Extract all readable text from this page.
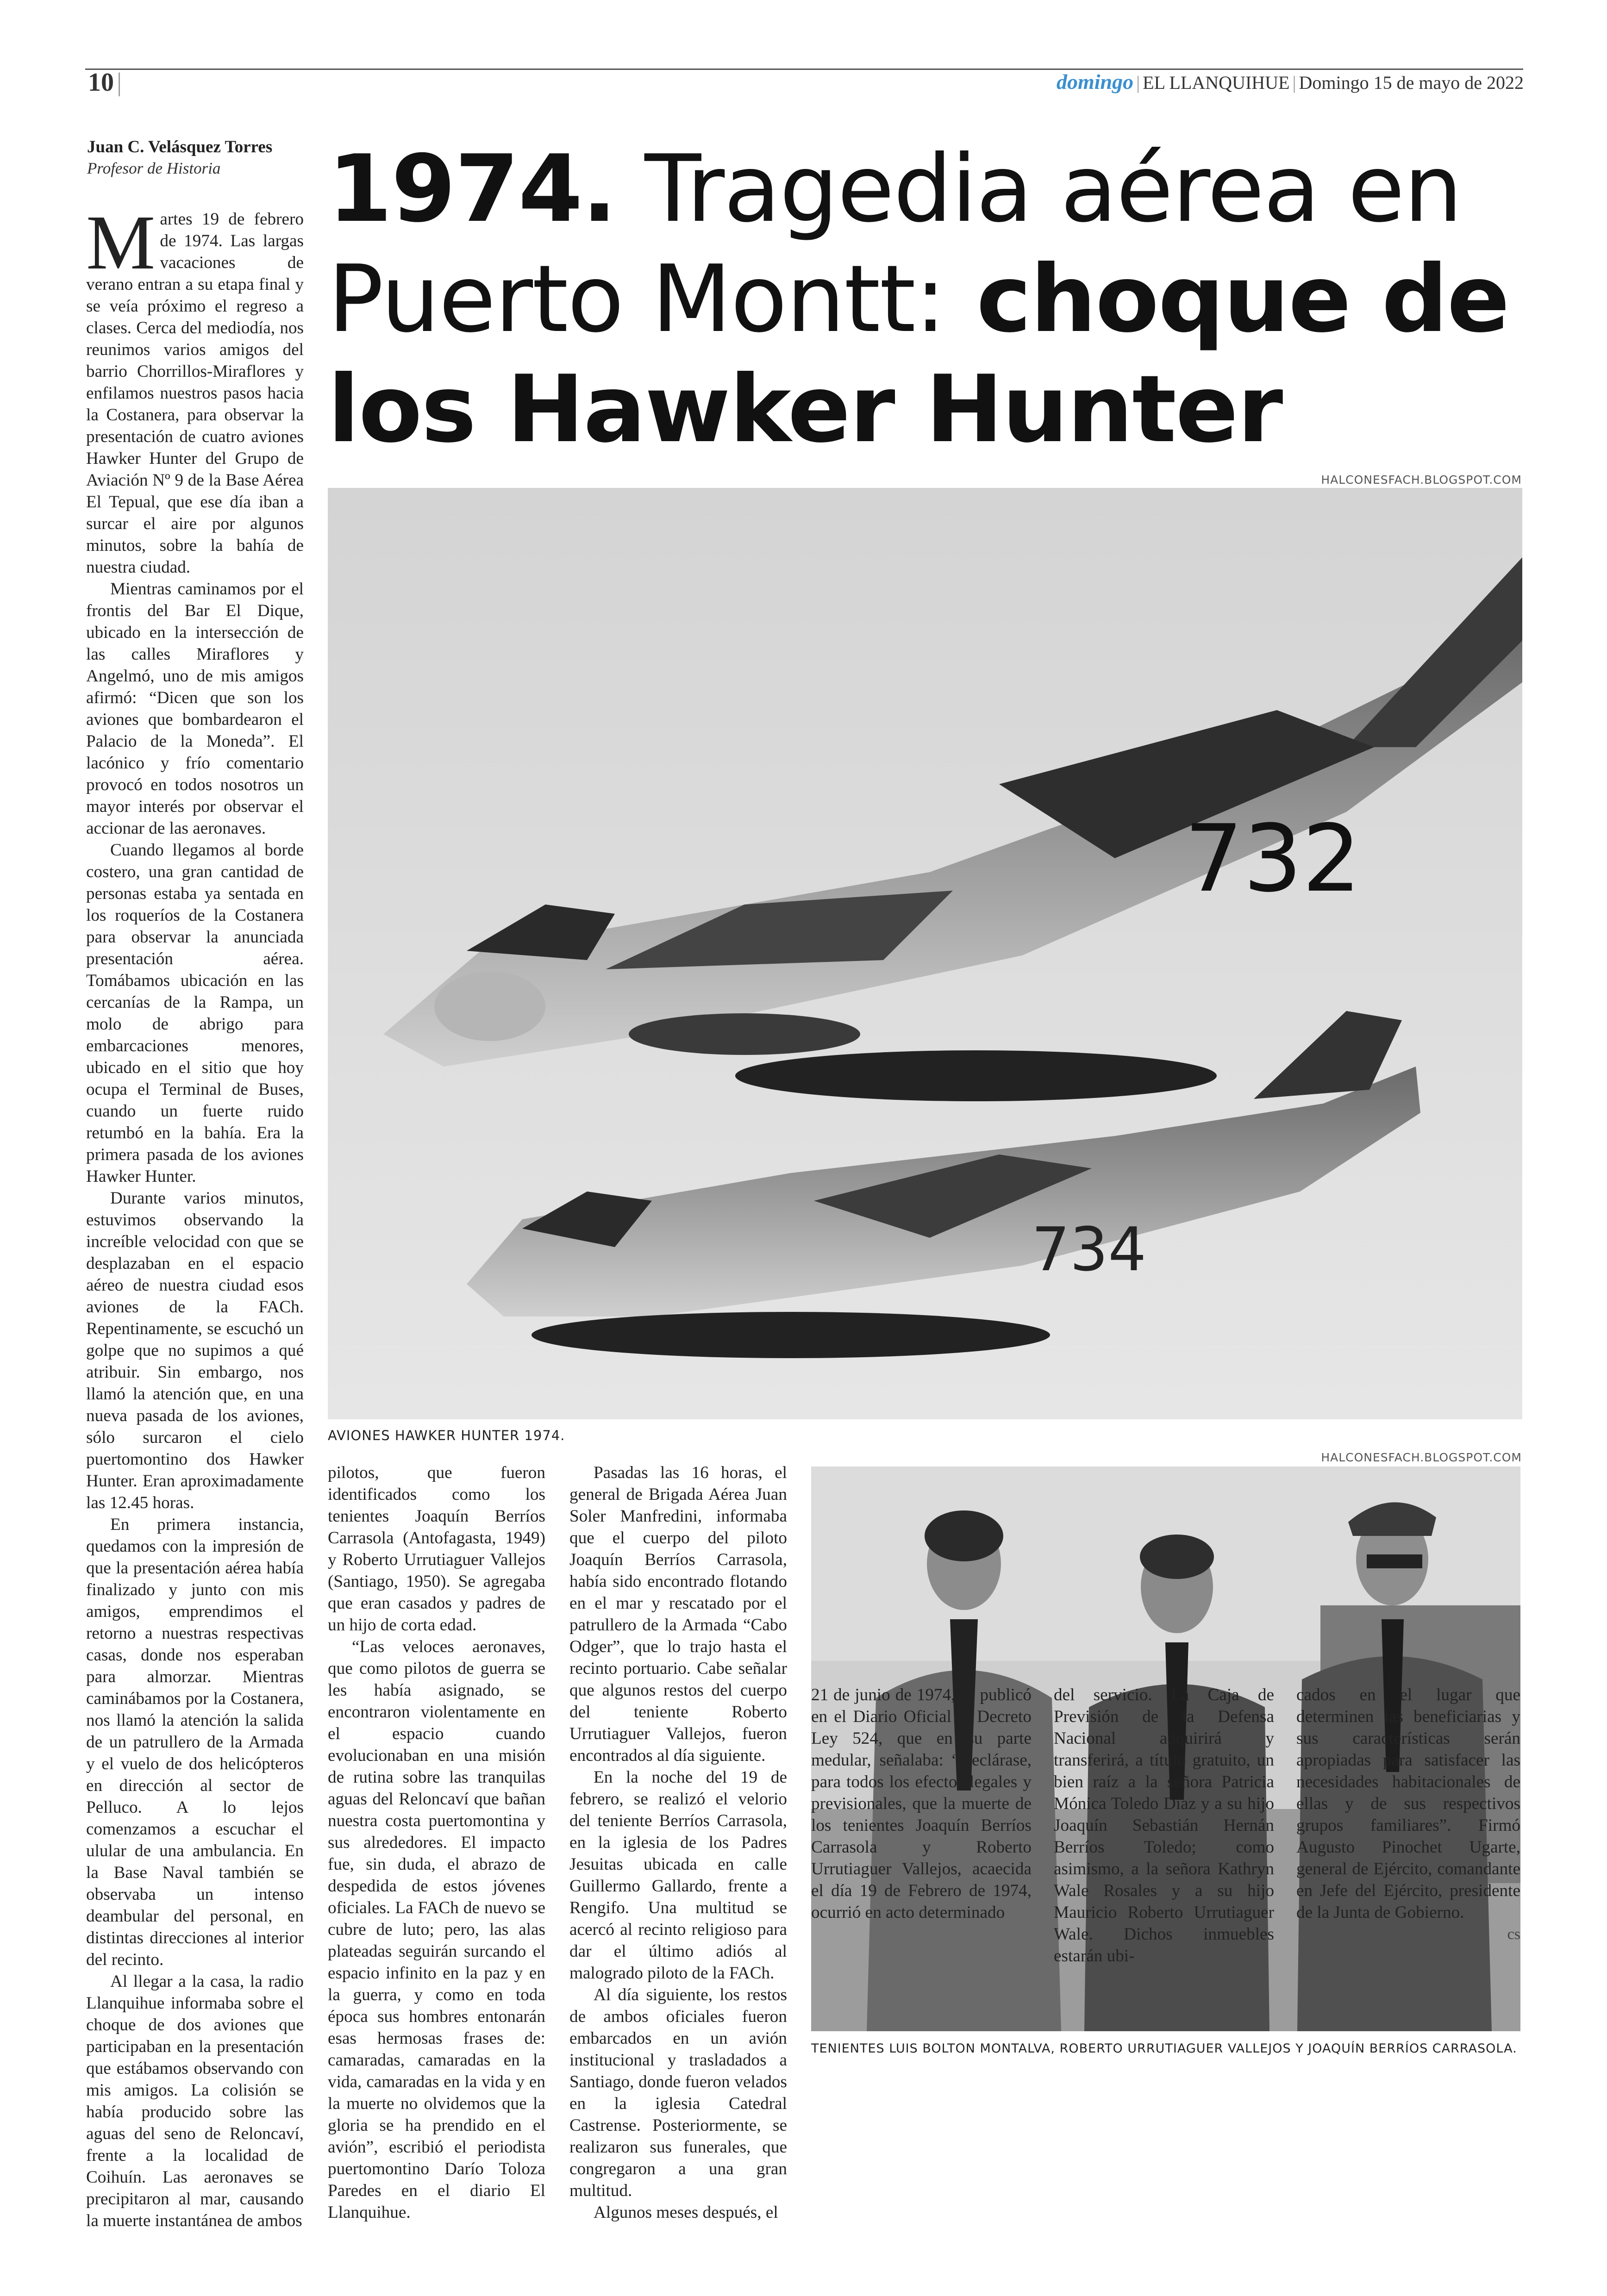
10 |	domingo | EL LLANQUIHUE | Domingo 15 de mayo de 2022
Juan C. Velásquez Torres
Profesor de Historia 1974. Tragedia aérea en Puerto Montt: choque de los Hawker Hunter
HALCONESFACH.BLOGSPOT.COM
732
734
AVIONES HAWKER HUNTER 1974.
HALCONESFACH.BLOGSPOT.COM
TENIENTES LUIS BOLTON MONTALVA, ROBERTO URRUTIAGUER VALLEJOS Y JOAQUÍN BERRÍOS CARRASOLA.

Martes 19 de febrero de 1974. Las largas vacaciones de verano entran a su etapa final y se veía próximo el regreso a clases. Cerca del mediodía, nos reunimos varios amigos del barrio Chorrillos-Miraflores y enfilamos nuestros pasos hacia la Costanera, para observar la presentación de cuatro aviones Hawker Hunter del Grupo de Aviación Nº 9 de la Base Aérea El Tepual, que ese día iban a surcar el aire por algunos minutos, sobre la bahía de nuestra ciudad.

Mientras caminamos por el frontis del Bar El Dique, ubicado en la intersección de las calles Miraflores y Angelmó, uno de mis amigos afirmó: “Dicen que son los aviones que bombardearon el Palacio de la Moneda”. El lacónico y frío comentario provocó en todos nosotros un mayor interés por observar el accionar de las aeronaves.

Cuando llegamos al borde costero, una gran cantidad de personas estaba ya sentada en los roqueríos de la Costanera para observar la anunciada presentación aérea. Tomábamos ubicación en las cercanías de la Rampa, un molo de abrigo para embarcaciones menores, ubicado en el sitio que hoy ocupa el Terminal de Buses, cuando un fuerte ruido retumbó en la bahía. Era la primera pasada de los aviones Hawker Hunter.

Durante varios minutos, estuvimos observando la increíble velocidad con que se desplazaban en el espacio aéreo de nuestra ciudad esos aviones de la FACh. Repentinamente, se escuchó un golpe que no supimos a qué atribuir. Sin embargo, nos llamó la atención que, en una nueva pasada de los aviones, sólo surcaron el cielo puertomontino dos Hawker Hunter. Eran aproximadamente las 12.45 horas.

En primera instancia, quedamos con la impresión de que la presentación aérea había finalizado y junto con mis amigos, emprendimos el retorno a nuestras respectivas casas, donde nos esperaban para almorzar. Mientras caminábamos por la Costanera, nos llamó la atención la salida de un patrullero de la Armada y el vuelo de dos helicópteros en dirección al sector de Pelluco. A lo lejos comenzamos a escuchar el ulular de una ambulancia. En la Base Naval también se observaba un intenso deambular del personal, en distintas direcciones al interior del recinto.

Al llegar a la casa, la radio Llanquihue informaba sobre el choque de dos aviones que participaban en la presentación que estábamos observando con mis amigos. La colisión se había producido sobre las aguas del seno de Reloncaví, frente a la localidad de Coihuín. Las aeronaves se precipitaron al mar, causando la muerte instantánea de ambos

pilotos, que fueron identificados como los tenientes Joaquín Berríos Carrasola (Antofagasta, 1949) y Roberto Urrutiaguer Vallejos (Santiago, 1950). Se agregaba que eran casados y padres de un hijo de corta edad.

“Las veloces aeronaves, que como pilotos de guerra se les había asignado, se encontraron violentamente en el espacio cuando evolucionaban en una misión de rutina sobre las tranquilas aguas del Reloncaví que bañan nuestra costa puertomontina y sus alrededores. El impacto fue, sin duda, el abrazo de despedida de estos jóvenes oficiales. La FACh de nuevo se cubre de luto; pero, las alas plateadas seguirán surcando el espacio infinito en la paz y en la guerra, y como en toda época sus hombres entonarán esas hermosas frases de: camaradas, camaradas en la vida, camaradas en la vida y en la muerte no olvidemos que la gloria se ha prendido en el avión”, escribió el periodista puertomontino Darío Toloza Paredes en el diario El Llanquihue.

Pasadas las 16 horas, el general de Brigada Aérea Juan Soler Manfredini, informaba que el cuerpo del piloto Joaquín Berríos Carrasola, había sido encontrado flotando en el mar y rescatado por el patrullero de la Armada “Cabo Odger”, que lo trajo hasta el recinto portuario. Cabe señalar que algunos restos del cuerpo del teniente Roberto Urrutiaguer Vallejos, fueron encontrados al día siguiente.

En la noche del 19 de febrero, se realizó el velorio del teniente Berríos Carrasola, en la iglesia de los Padres Jesuitas ubicada en calle Guillermo Gallardo, frente a Rengifo. Una multitud se acercó al recinto religioso para dar el último adiós al malogrado piloto de la FACh.

Al día siguiente, los restos de ambos oficiales fueron embarcados en un avión institucional y trasladados a Santiago, donde fueron velados en la iglesia Catedral Castrense. Posteriormente, se realizaron sus funerales, que congregaron a una gran multitud.

Algunos meses después, el

21 de junio de 1974, se publicó en el Diario Oficial el Decreto Ley 524, que en su parte medular, señalaba: “Declárase, para todos los efectos legales y previsionales, que la muerte de los tenientes Joaquín Berríos Carrasola y Roberto Urrutiaguer Vallejos, acaecida el día 19 de Febrero de 1974, ocurrió en acto determinado

del servicio. La Caja de Previsión de la Defensa Nacional adquirirá y transferirá, a título gratuito, un bien raíz a la señora Patricia Mónica Toledo Díaz y a su hijo Joaquín Sebastián Hernán Berríos Toledo; como asimismo, a la señora Kathryn Wale Rosales y a su hijo Mauricio Roberto Urrutiaguer Wale. Dichos inmuebles estarán ubi-

cados en el lugar que determinen las beneficiarias y sus características serán apropiadas para satisfacer las necesidades habitacionales de ellas y de sus respectivos grupos familiares”. Firmó Augusto Pinochet Ugarte, general de Ejército, comandante en Jefe del Ejército, presidente de la Junta de Gobierno.

cs
